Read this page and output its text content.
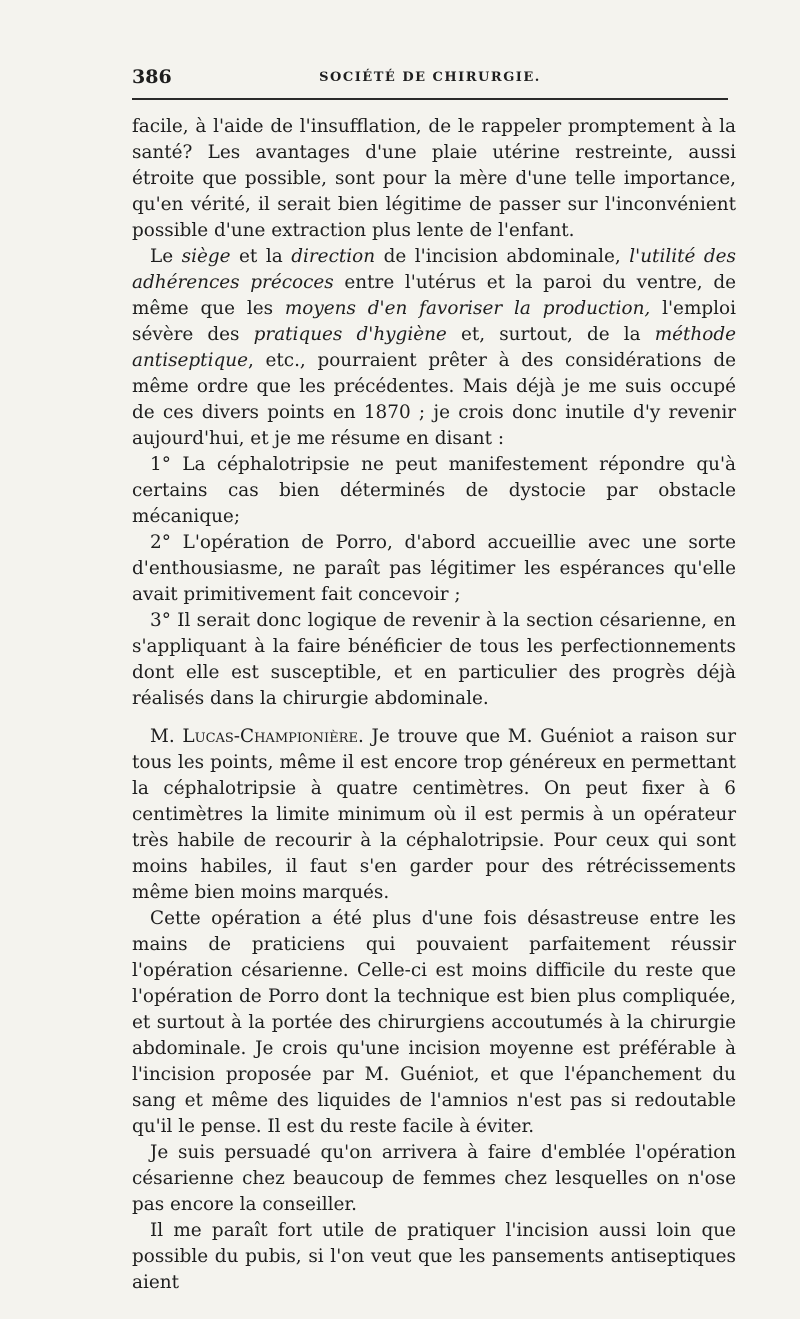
386	SOCIÉTÉ DE CHIRURGIE.

facile, à l'aide de l'insufflation, de le rappeler promptement à la santé? Les avantages d'une plaie utérine restreinte, aussi étroite que possible, sont pour la mère d'une telle importance, qu'en vérité, il serait bien légitime de passer sur l'inconvénient possible d'une extraction plus lente de l'enfant.

Le siège et la direction de l'incision abdominale, l'utilité des adhérences précoces entre l'utérus et la paroi du ventre, de même que les moyens d'en favoriser la production, l'emploi sévère des pratiques d'hygiène et, surtout, de la méthode antiseptique, etc., pourraient prêter à des considérations de même ordre que les précédentes. Mais déjà je me suis occupé de ces divers points en 1870 ; je crois donc inutile d'y revenir aujourd'hui, et je me résume en disant :

1° La céphalotripsie ne peut manifestement répondre qu'à certains cas bien déterminés de dystocie par obstacle mécanique;

2° L'opération de Porro, d'abord accueillie avec une sorte d'enthousiasme, ne paraît pas légitimer les espérances qu'elle avait primitivement fait concevoir ;

3° Il serait donc logique de revenir à la section césarienne, en s'appliquant à la faire bénéficier de tous les perfectionnements dont elle est susceptible, et en particulier des progrès déjà réalisés dans la chirurgie abdominale.

M. Lucas-Championière. Je trouve que M. Guéniot a raison sur tous les points, même il est encore trop généreux en permettant la céphalotripsie à quatre centimètres. On peut fixer à 6 centimètres la limite minimum où il est permis à un opérateur très habile de recourir à la céphalotripsie. Pour ceux qui sont moins habiles, il faut s'en garder pour des rétrécissements même bien moins marqués.

Cette opération a été plus d'une fois désastreuse entre les mains de praticiens qui pouvaient parfaitement réussir l'opération césarienne. Celle-ci est moins difficile du reste que l'opération de Porro dont la technique est bien plus compliquée, et surtout à la portée des chirurgiens accoutumés à la chirurgie abdominale. Je crois qu'une incision moyenne est préférable à l'incision proposée par M. Guéniot, et que l'épanchement du sang et même des liquides de l'amnios n'est pas si redoutable qu'il le pense. Il est du reste facile à éviter.

Je suis persuadé qu'on arrivera à faire d'emblée l'opération césarienne chez beaucoup de femmes chez lesquelles on n'ose pas encore la conseiller.

Il me paraît fort utile de pratiquer l'incision aussi loin que possible du pubis, si l'on veut que les pansements antiseptiques aient
